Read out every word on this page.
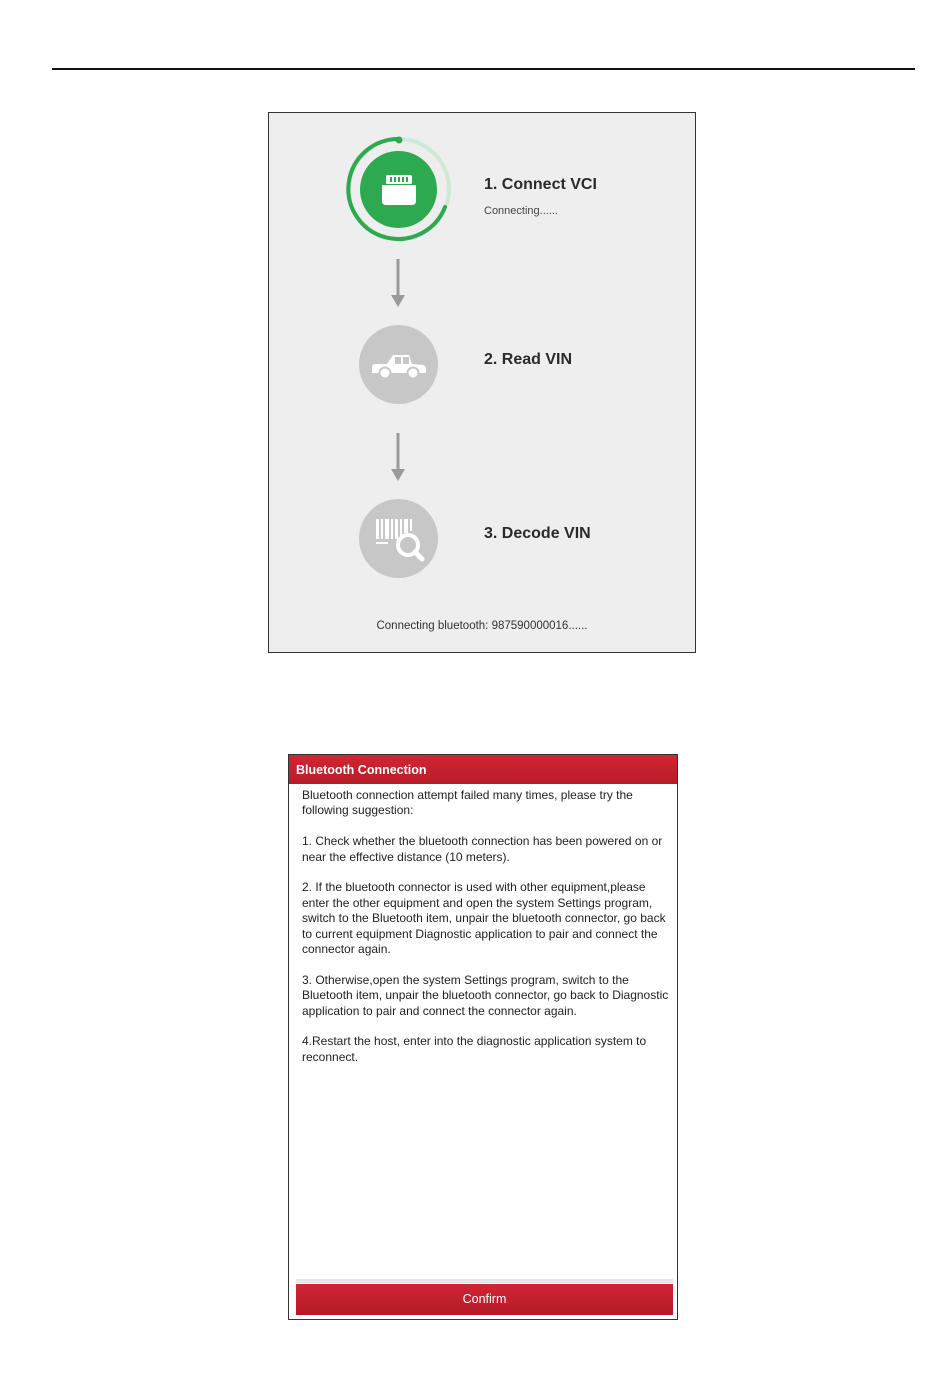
1. Connect VCI
Connecting......
2. Read VIN
3. Decode VIN
Connecting bluetooth: 987590000016......
Bluetooth Connection

Bluetooth connection attempt failed many times, please try the following suggestion:

1. Check whether the bluetooth connection has been powered on or near the effective distance (10 meters).

2. If the bluetooth connector is used with other equipment,please enter the other equipment and open the system Settings program, switch to the Bluetooth item, unpair the bluetooth connector, go back to current equipment Diagnostic application to pair and connect the connector again.

3. Otherwise,open the system Settings program, switch to the Bluetooth item, unpair the bluetooth connector, go back to Diagnostic application to pair and connect the connector again.

4.Restart the host, enter into the diagnostic application system to reconnect.

Confirm
